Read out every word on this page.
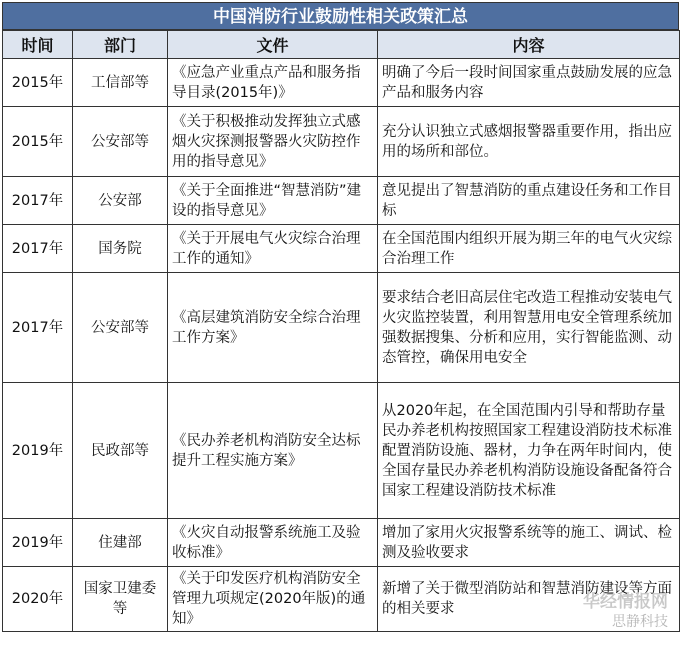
中国消防行业鼓励性相关政策汇总
时间	部门	文件	内容
2015年	工信部等	《应急产业重点产品和服务指导目录(2015年)》	明确了今后一段时间国家重点鼓励发展的应急产品和服务内容
2015年	公安部等	《关于积极推动发挥独立式感烟火灾探测报警器火灾防控作用的指导意见》	充分认识独立式感烟报警器重要作用，指出应用的场所和部位。
2017年	公安部	《关于全面推进“智慧消防”建设的指导意见》	意见提出了智慧消防的重点建设任务和工作目标
2017年	国务院	《关于开展电气火灾综合治理工作的通知》	在全国范围内组织开展为期三年的电气火灾综合治理工作
2017年	公安部等	《高层建筑消防安全综合治理工作方案》	要求结合老旧高层住宅改造工程推动安装电气火灾监控装置，利用智慧用电安全管理系统加强数据搜集、分析和应用，实行智能监测、动态管控，确保用电安全
2019年	民政部等	《民办养老机构消防安全达标提升工程实施方案》	从2020年起，在全国范围内引导和帮助存量民办养老机构按照国家工程建设消防技术标准配置消防设施、器材，力争在两年时间内，使全国存量民办养老机构消防设施设备配备符合国家工程建设消防技术标准
2019年	住建部	《火灾自动报警系统施工及验收标准》	增加了家用火灾报警系统等的施工、调试、检测及验收要求
2020年	国家卫建委等	《关于印发医疗机构消防安全管理九项规定(2020年版)的通知》	新增了关于微型消防站和智慧消防建设等方面的相关要求	华经情报网
思静科技
